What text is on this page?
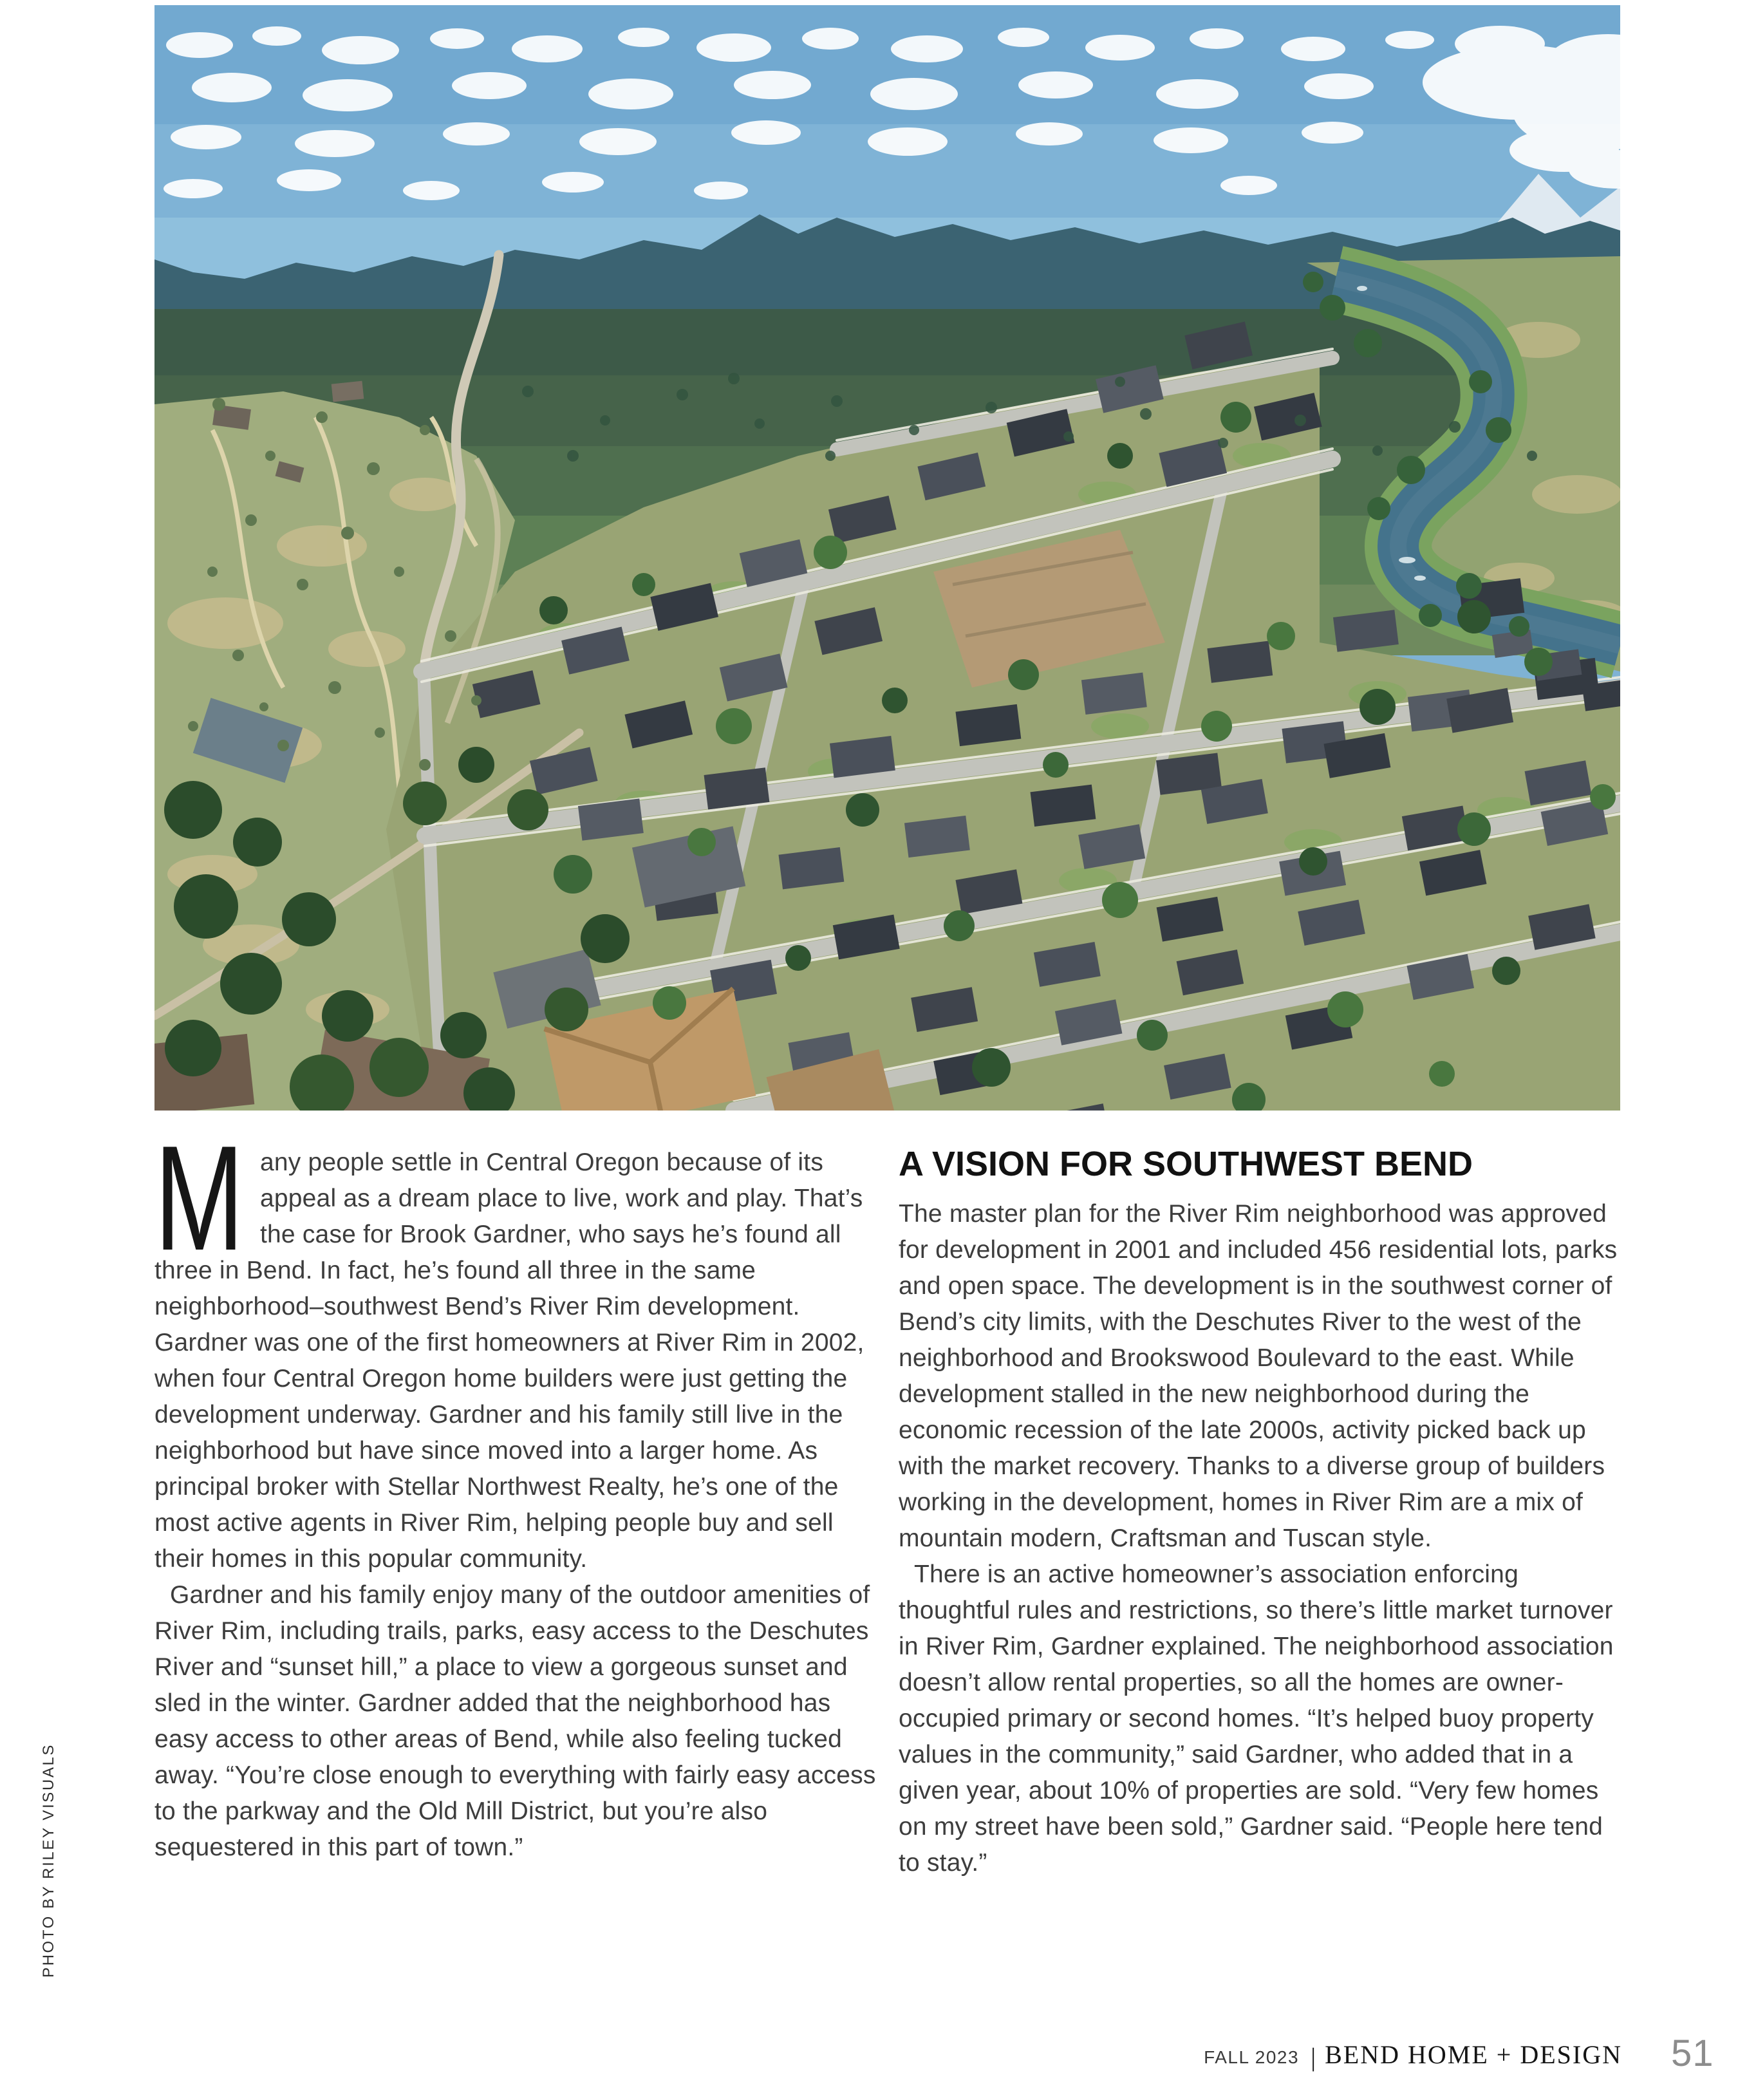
PHOTO BY RILEY VISUALS

Many people settle in Central Oregon because of its appeal as a dream place to live, work and play. That’s the case for Brook Gardner, who says he’s found all three in Bend. In fact, he’s found all three in the same neighborhood–southwest Bend’s River Rim development. Gardner was one of the first homeowners at River Rim in 2002, when four Central Oregon home builders were just getting the development underway. Gardner and his family still live in the neighborhood but have since moved into a larger home. As principal broker with Stellar Northwest Realty, he’s one of the most active agents in River Rim, helping people buy and sell their homes in this popular community.

Gardner and his family enjoy many of the outdoor amenities of River Rim, including trails, parks, easy access to the Deschutes River and “sunset hill,” a place to view a gorgeous sunset and sled in the winter. Gardner added that the neighborhood has easy access to other areas of Bend, while also feeling tucked away. “You’re close enough to everything with fairly easy access to the parkway and the Old Mill District, but you’re also sequestered in this part of town.”

A VISION FOR SOUTHWEST BEND

The master plan for the River Rim neighborhood was approved for development in 2001 and included 456 residential lots, parks and open space. The development is in the southwest corner of Bend’s city limits, with the Deschutes River to the west of the neighborhood and Brookswood Boulevard to the east. While development stalled in the new neighborhood during the economic recession of the late 2000s, activity picked back up with the market recovery. Thanks to a diverse group of builders working in the development, homes in River Rim are a mix of mountain modern, Craftsman and Tuscan style.

There is an active homeowner’s association enforcing thoughtful rules and restrictions, so there’s little market turnover in River Rim, Gardner explained. The neighborhood association doesn’t allow rental properties, so all the homes are owner-occupied primary or second homes. “It’s helped buoy property values in the community,” said Gardner, who added that in a given year, about 10% of properties are sold. “Very few homes on my street have been sold,” Gardner said. “People here tend to stay.”

FALL 2023 | BEND HOME + DESIGN 51
